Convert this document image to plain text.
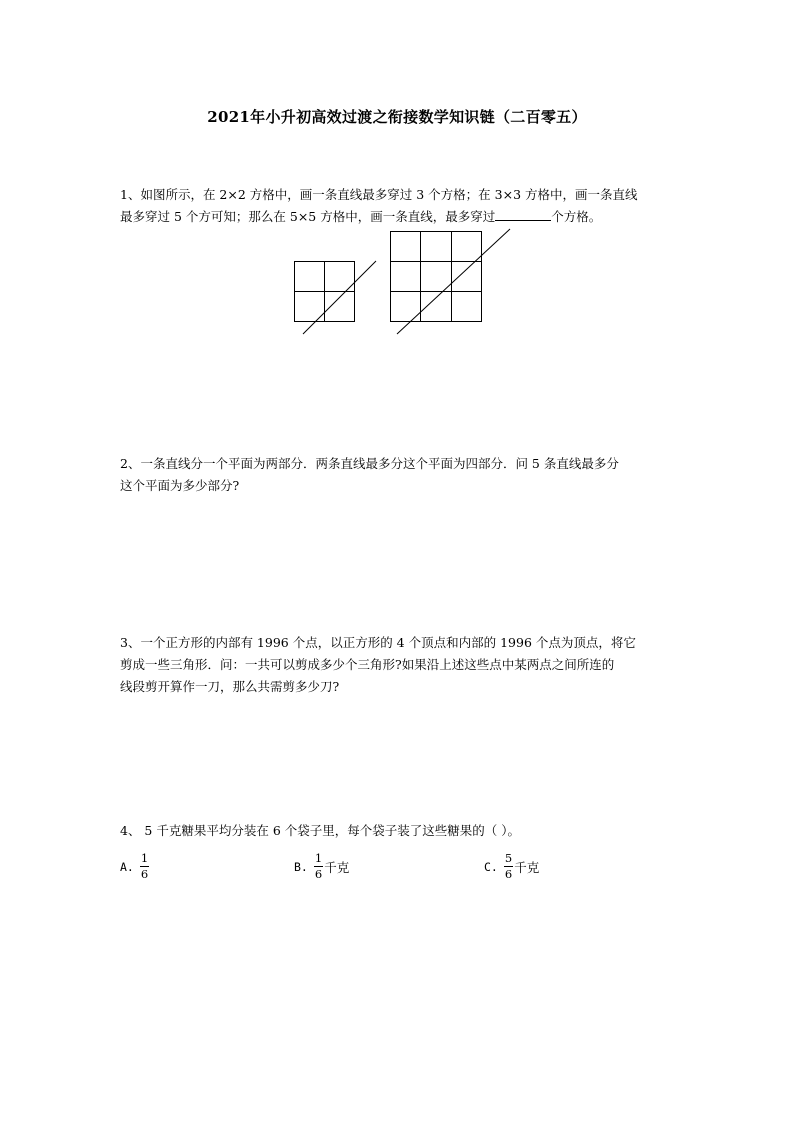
2021年小升初高效过渡之衔接数学知识链（二百零五）
1、如图所示，在 2×2 方格中，画一条直线最多穿过 3 个方格；在 3×3 方格中，画一条直线
最多穿过 5 个方可知；那么在 5×5 方格中，画一条直线，最多穿过	个方格。
2、一条直线分一个平面为两部分．两条直线最多分这个平面为四部分．问 5 条直线最多分
这个平面为多少部分?
3、一个正方形的内部有 1996 个点，以正方形的 4 个顶点和内部的 1996 个点为顶点，将它
剪成一些三角形．问：一共可以剪成多少个三角形?如果沿上述这些点中某两点之间所连的
线段剪开算作一刀，那么共需剪多少刀?
4、 5 千克糖果平均分装在 6 个袋子里，每个袋子装了这些糖果的（ ）。
A. $\frac{1}{6}$	B. $\frac{1}{6}$ 千克	C. $\frac{5}{6}$ 千克
